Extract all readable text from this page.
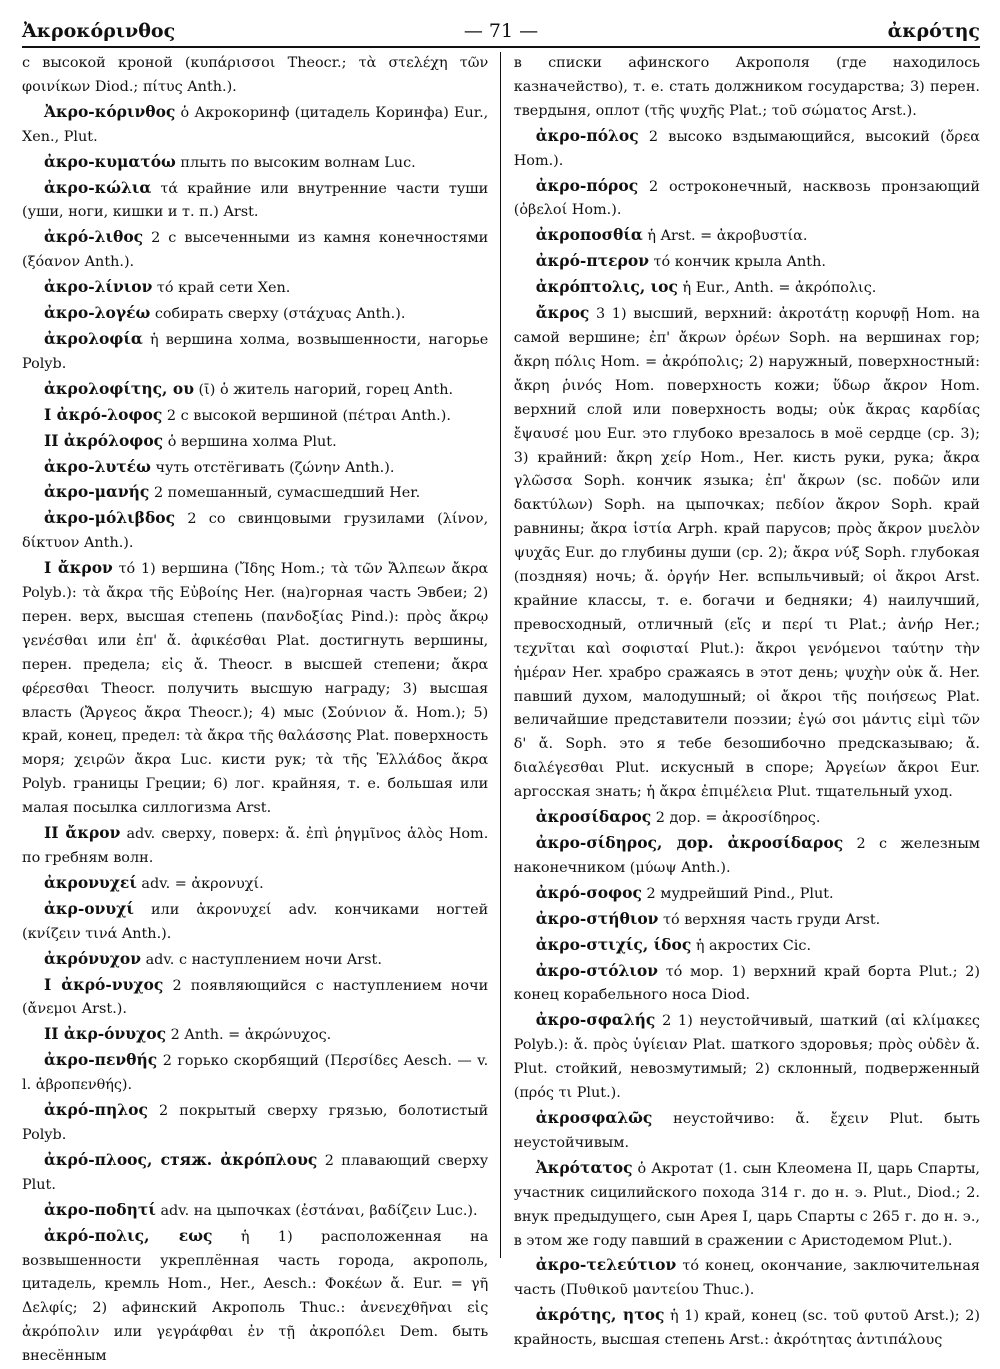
Ἀκροκόρινθος	— 71 —	ἀκρότης

с высокой кроной (κυπάρισσοι Theocr.; τὰ στελέχη τῶν φοινίκων Diod.; πίτυς Anth.).

Ἀκρο-κόρινθος ὁ Акрокоринф (цитадель Коринфа) Eur., Xen., Plut.

ἀκρο-κυματόω плыть по высоким волнам Luc.

ἀκρο-κώλια τά крайние или внутренние части туши (уши, ноги, кишки и т. п.) Arst.

ἀκρό-λιθος 2 с высеченными из камня конечностями (ξόανον Anth.).

ἀκρο-λίνιον τό край сети Xen.

ἀκρο-λογέω собирать сверху (στάχυας Anth.).

ἀκρολοφία ἡ вершина холма, возвышенности, нагорье Polyb.

ἀκρολοφίτης, ου (ῑ) ὁ житель нагорий, горец Anth.

I ἀκρό-λοφος 2 с высокой вершиной (πέτραι Anth.).

II ἀκρόλοφος ὁ вершина холма Plut.

ἀκρο-λυτέω чуть отстёгивать (ζώνην Anth.).

ἀκρο-μανής 2 помешанный, сумасшедший Her.

ἀκρο-μόλιβδος 2 со свинцовыми грузилами (λίνον, δίκτυον Anth.).

I ἄκρον τό 1) вершина (Ἴδης Hom.; τὰ τῶν Ἄλπεων ἄκρα Polyb.): τὰ ἄκρα τῆς Εὐβοίης Her. (на)горная часть Эвбеи; 2) перен. верх, высшая степень (πανδοξίας Pind.): πρὸς ἄκρῳ γενέσθαι или ἐπ' ἄ. ἀφικέσθαι Plat. достигнуть вершины, перен. предела; εἰς ἄ. Theocr. в высшей степени; ἄκρα φέρεσθαι Theocr. получить высшую награду; 3) высшая власть (Ἄργεος ἄκρα Theocr.); 4) мыс (Σούνιον ἄ. Hom.); 5) край, конец, предел: τὰ ἄκρα τῆς θαλάσσης Plat. поверхность моря; χειρῶν ἄκρα Luc. кисти рук; τὰ τῆς Ἑλλάδος ἄκρα Polyb. границы Греции; 6) лог. крайняя, т. е. большая или малая посылка силлогизма Arst.

II ἄκρον adv. сверху, поверх: ἄ. ἐπὶ ῥηγμῖνος ἁλὸς Hom. по гребням волн.

ἀκρονυχεί adv. = ἀκρονυχί.

ἀκρ-ονυχί или ἀκρονυχεί adv. кончиками ногтей (κνίζειν τινά Anth.).

ἀκρόνυχον adv. с наступлением ночи Arst.

I ἀκρό-νυχος 2 появляющийся с наступлением ночи (ἄνεμοι Arst.).

II ἀκρ-όνυχος 2 Anth. = ἀκρώνυχος.

ἀκρο-πενθής 2 горько скорбящий (Περσίδες Aesch. — v. l. ἁβροπενθής).

ἀκρό-πηλος 2 покрытый сверху грязью, болотистый Polyb.

ἀκρό-πλοος, стяж. ἀκρόπλους 2 плавающий сверху Plut.

ἀκρο-ποδητί adv. на цыпочках (ἑστάναι, βαδίζειν Luc.).

ἀκρό-πολις, εως ἡ 1) расположенная на возвышенности укреплённая часть города, акрополь, цитадель, кремль Hom., Her., Aesch.: Φοκέων ἄ. Eur. = γῆ Δελφίς; 2) афинский Акрополь Thuc.: ἀνενεχθῆναι εἰς ἀκρόπολιν или γεγράφθαι ἐν τῇ ἀκροπόλει Dem. быть внесённым

в списки афинского Акрополя (где находилось казначейство), т. е. стать должником государства; 3) перен. твердыня, оплот (τῆς ψυχῆς Plat.; τοῦ σώματος Arst.).

ἀκρο-πόλος 2 высоко вздымающийся, высокий (ὄρεα Hom.).

ἀκρο-πόρος 2 остроконечный, насквозь пронзающий (ὀβελοί Hom.).

ἀκροποσθία ἡ Arst. = ἀκροβυστία.

ἀκρό-πτερον τό кончик крыла Anth.

ἀκρόπτολις, ιος ἡ Eur., Anth. = ἀκρόπολις.

ἄκρος 3 1) высший, верхний: ἀκροτάτῃ κορυφῇ Hom. на самой вершине; ἐπ' ἄκρων ὀρέων Soph. на вершинах гор; ἄκρη πόλις Hom. = ἀκρόπολις; 2) наружный, поверхностный: ἄκρη ῥινός Hom. поверхность кожи; ὕδωρ ἄκρον Hom. верхний слой или поверхность воды; οὐκ ἄκρας καρδίας ἔψαυσέ μου Eur. это глубоко врезалось в моё сердце (ср. 3); 3) крайний: ἄκρη χείρ Hom., Her. кисть руки, рука; ἄκρα γλῶσσα Soph. кончик языка; ἐπ' ἄκρων (sc. ποδῶν или δακτύλων) Soph. на цыпочках; πεδίον ἄκρον Soph. край равнины; ἄκρα ἱστία Arph. край парусов; πρὸς ἄκρον μυελὸν ψυχᾶς Eur. до глубины души (ср. 2); ἄκρα νύξ Soph. глубокая (поздняя) ночь; ἄ. ὀργήν Her. вспыльчивый; οἱ ἄκροι Arst. крайние классы, т. е. богачи и бедняки; 4) наилучший, превосходный, отличный (εἴς и περί τι Plat.; ἀνήρ Her.; τεχνῖται καὶ σοφισταί Plut.): ἄκροι γενόμενοι ταύτην τὴν ἡμέραν Her. храбро сражаясь в этот день; ψυχὴν οὐκ ἄ. Her. павший духом, малодушный; οἱ ἄκροι τῆς ποιήσεως Plat. величайшие представители поэзии; ἐγώ σοι μάντις εἰμὶ τῶν δ' ἄ. Soph. это я тебе безошибочно предсказываю; ἄ. διαλέγεσθαι Plut. искусный в споре; Ἀργείων ἄκροι Eur. аргосская знать; ἡ ἄκρα ἐπιμέλεια Plut. тщательный уход.

ἀκροσίδαρος 2 дор. = ἀκροσίδηρος.

ἀκρο-σίδηρος, дор. ἀκροσίδαρος 2 с железным наконечником (μύωψ Anth.).

ἀκρό-σοφος 2 мудрейший Pind., Plut.

ἀκρο-στήθιον τό верхняя часть груди Arst.

ἀκρο-στιχίς, ίδος ἡ акростих Cic.

ἀκρο-στόλιον τό мор. 1) верхний край борта Plut.; 2) конец корабельного носа Diod.

ἀκρο-σφαλής 2 1) неустойчивый, шаткий (αἱ κλίμακες Polyb.): ἄ. πρὸς ὑγίειαν Plat. шаткого здоровья; πρὸς οὐδὲν ἄ. Plut. стойкий, невозмутимый; 2) склонный, подверженный (πρός τι Plut.).

ἀκροσφαλῶς неустойчиво: ἄ. ἔχειν Plut. быть неустойчивым.

Ἀκρότατος ὁ Акротат (1. сын Клеомена II, царь Спарты, участник сицилийского похода 314 г. до н. э. Plut., Diod.; 2. внук предыдущего, сын Арея I, царь Спарты с 265 г. до н. э., в этом же году павший в сражении с Аристодемом Plut.).

ἀκρο-τελεύτιον τό конец, окончание, заключительная часть (Πυθικοῦ μαντείου Thuc.).

ἀκρότης, ητος ἡ 1) край, конец (sc. τοῦ φυτοῦ Arst.); 2) крайность, высшая степень Arst.: ἀκρότητας ἀντιπάλους
